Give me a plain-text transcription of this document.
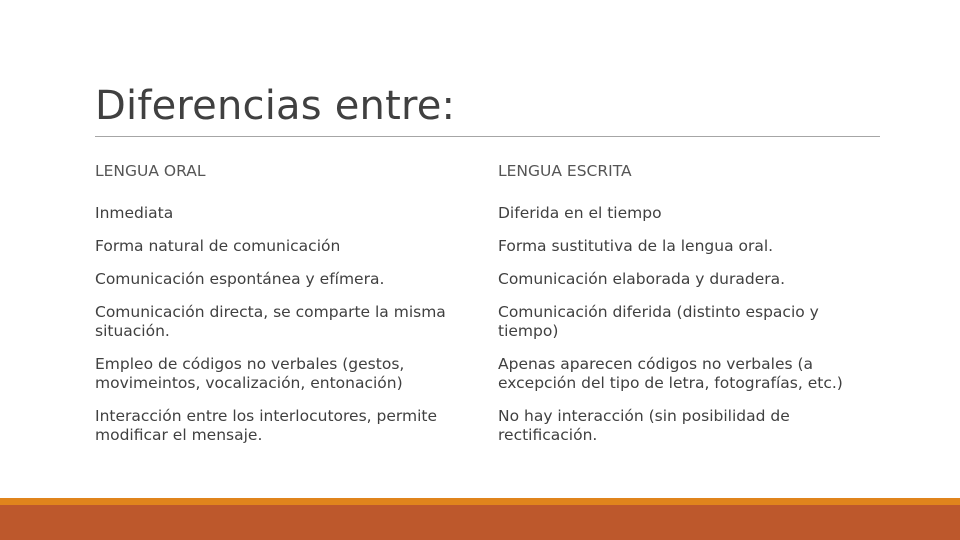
Diferencias entre:

LENGUA ORAL

Inmediata

Forma natural de comunicación

Comunicación espontánea y efímera.

Comunicación directa, se comparte la misma situación.

Empleo de códigos no verbales (gestos, movimeintos, vocalización, entonación)

Interacción entre los interlocutores, permite modificar el mensaje.

LENGUA ESCRITA

Diferida en el tiempo

Forma sustitutiva de la lengua oral.

Comunicación elaborada y duradera.

Comunicación diferida (distinto espacio y tiempo)

Apenas aparecen códigos no verbales (a excepción del tipo de letra, fotografías, etc.)

No hay interacción (sin posibilidad de rectificación.
